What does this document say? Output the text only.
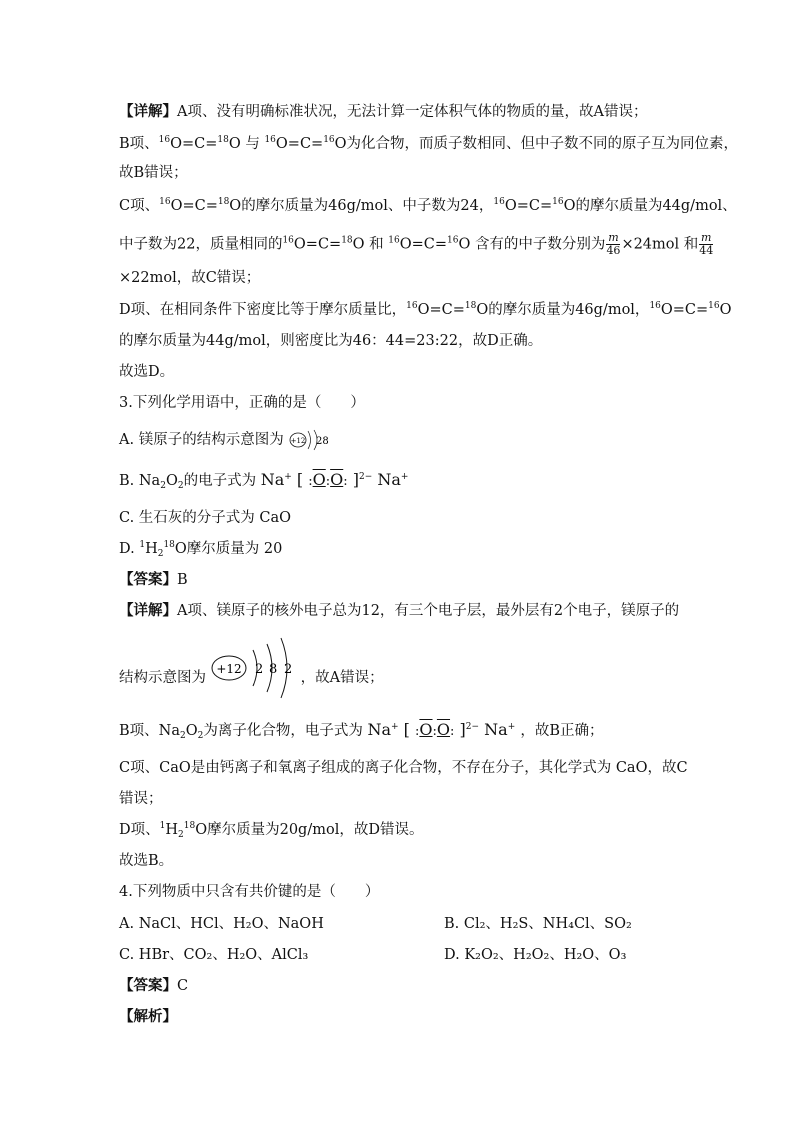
【详解】A项、没有明确标准状况，无法计算一定体积气体的物质的量，故A错误；
B项、$^{16}$O=C=$^{18}$O 与 $^{16}$O=C=$^{16}$O为化合物，而质子数相同、但中子数不同的原子互为同位素，
故B错误；
C项、$^{16}$O=C=$^{18}$O的摩尔质量为46g/mol、中子数为24，$^{16}$O=C=$^{16}$O的摩尔质量为44g/mol、
中子数为22，质量相同的$^{16}$O=C=$^{18}$O 和 $^{16}$O=C=$^{16}$O 含有的中子数分别为 $\frac{m}{46} \times 24mol$ 和 $\frac{m}{44}$
×22mol，故C错误；
D项、在相同条件下密度比等于摩尔质量比，$^{16}$O=C=$^{18}$O的摩尔质量为46g/mol，$^{16}$O=C=$^{16}$O
的摩尔质量为44g/mol，则密度比为46：44=23:22，故D正确。
故选D。
3.下列化学用语中，正确的是（　　）
A. 镁原子的结构示意图为 +12 28
B. $Na_2O_2$的电子式为 Na+ [ :O:O: ]$^{2-}$ Na+
C. 生石灰的分子式为 CaO
D. $^1H_2^{18}O$摩尔质量为 20
【答案】B
【详解】A项、镁原子的核外电子总为12，有三个电子层，最外层有2个电子，镁原子的
结构示意图为
+12 2 8 2
，故A错误；
B项、$Na_2O_2$为离子化合物，电子式为 Na+ [ :O:O: ]$^{2-}$ Na+ ，故B正确；
C项、CaO是由钙离子和氧离子组成的离子化合物，不存在分子，其化学式为 CaO，故C
错误；
D项、$^1H_2^{18}O$摩尔质量为20g/mol，故D错误。
故选B。
4.下列物质中只含有共价键的是（　　）
A. NaCl、HCl、H₂O、NaOH	B. Cl₂、H₂S、NH₄Cl、SO₂
C. HBr、CO₂、H₂O、AlCl₃	D. K₂O₂、H₂O₂、H₂O、O₃
【答案】C
【解析】
